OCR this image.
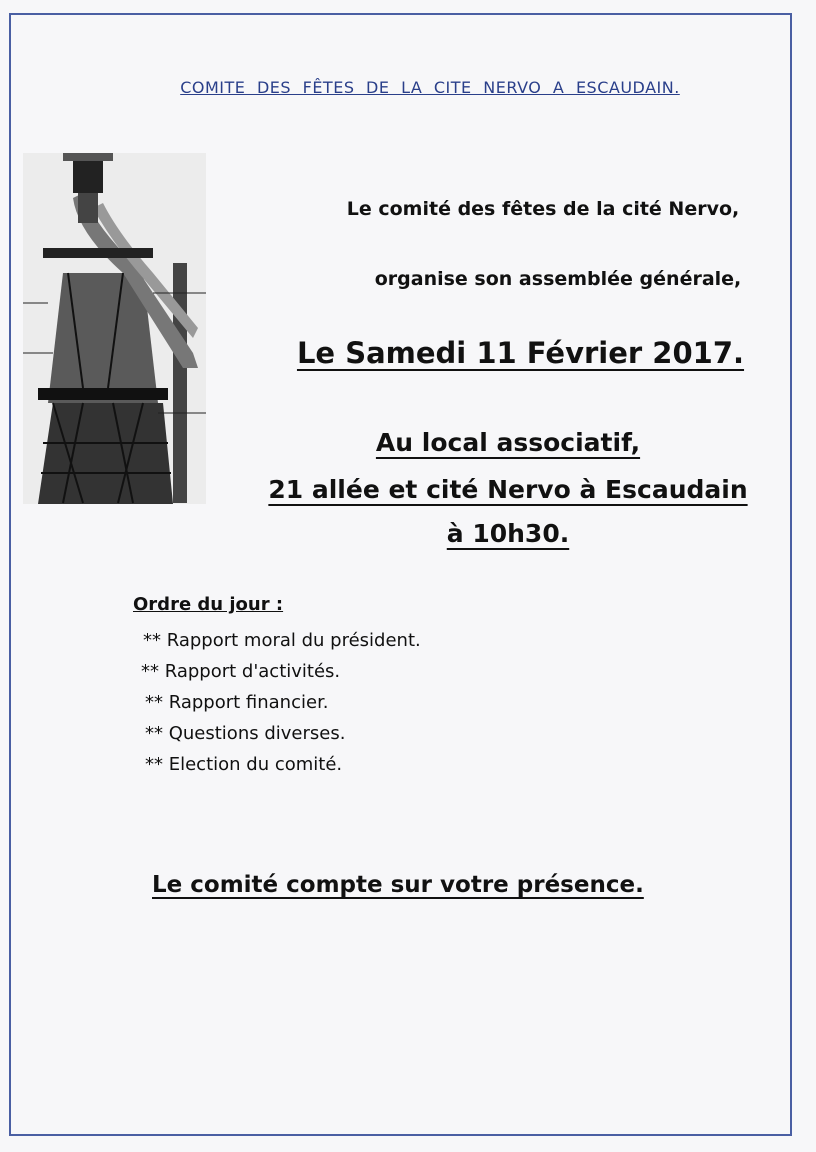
COMITE DES FÊTES DE LA CITE NERVO A ESCAUDAIN.
Le comité des fêtes de la cité Nervo,
organise son assemblée générale,
Le Samedi 11 Février 2017.
Au local associatif,
21 allée et cité Nervo à Escaudain
à 10h30.
Ordre du jour :
** Rapport moral du président.
** Rapport d'activités.
** Rapport financier.
** Questions diverses.
** Election du comité.
Le comité compte sur votre présence.
